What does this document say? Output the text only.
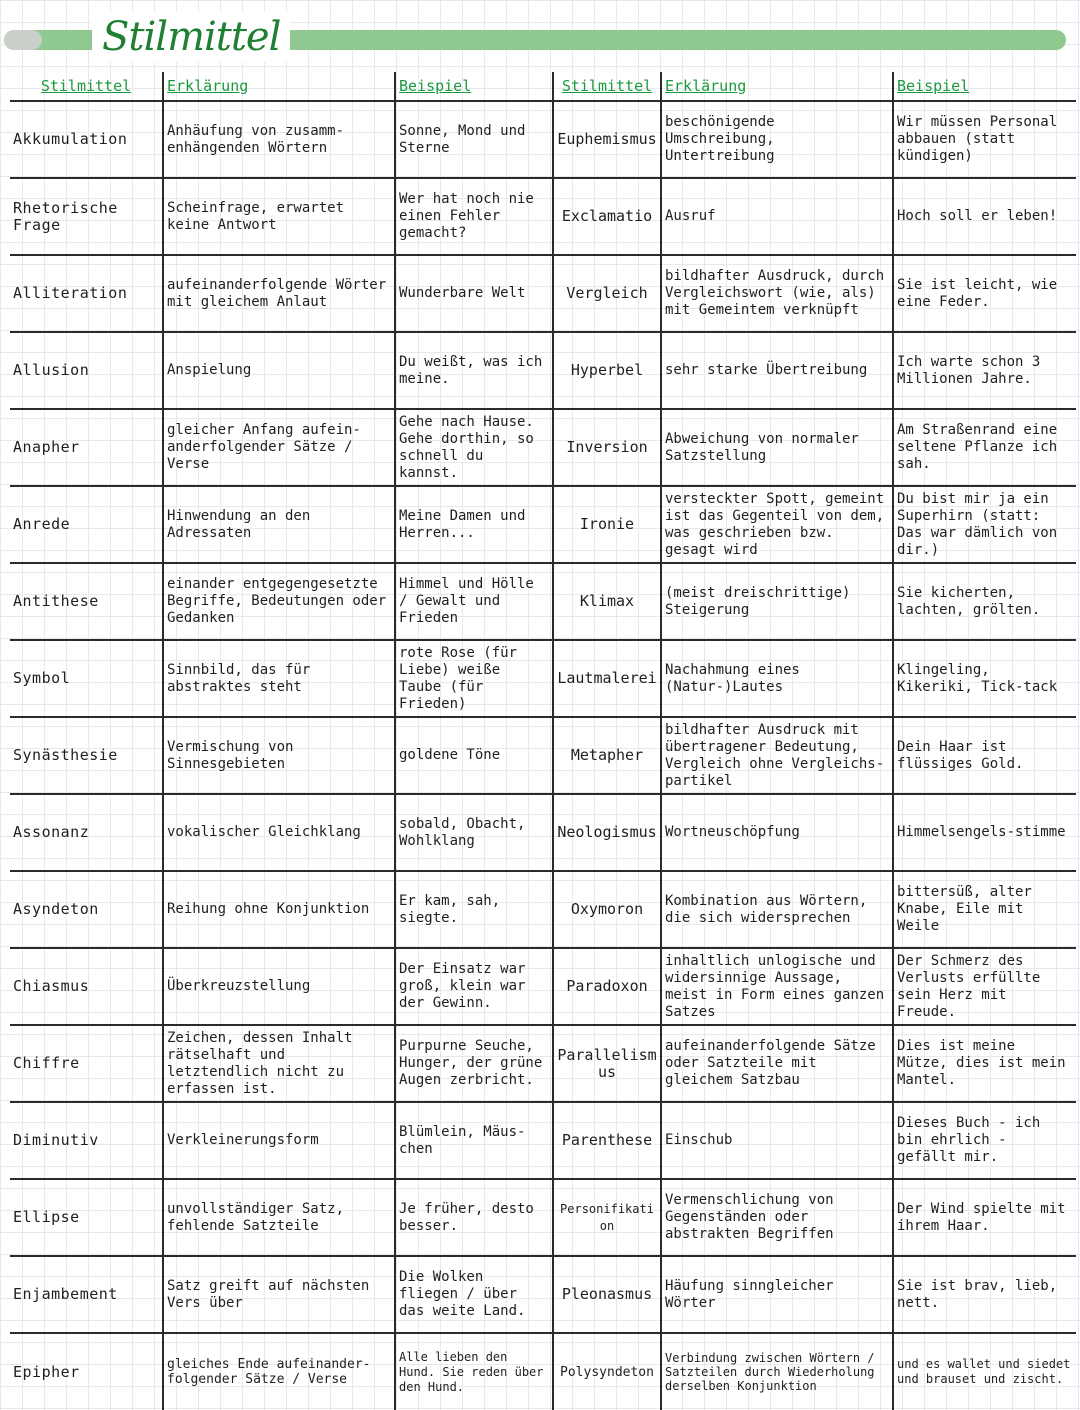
Stilmittel
Stilmittel	Erklärung	Beispiel	Stilmittel	Erklärung	Beispiel
Akkumulation	Anhäufung von zusamm-enhängenden Wörtern	Sonne, Mond und Sterne	Euphemismus	beschönigende Umschreibung, Untertreibung	Wir müssen Personal abbauen (statt kündigen)
Rhetorische Frage	Scheinfrage, erwartet keine Antwort	Wer hat noch nie einen Fehler gemacht?	Exclamatio	Ausruf	Hoch soll er leben!
Alliteration	aufeinanderfolgende Wörter mit gleichem Anlaut	Wunderbare Welt	Vergleich	bildhafter Ausdruck, durch Vergleichswort (wie, als) mit Gemeintem verknüpft	Sie ist leicht, wie eine Feder.
Allusion	Anspielung	Du weißt, was ich meine.	Hyperbel	sehr starke Übertreibung	Ich warte schon 3 Millionen Jahre.
Anapher	gleicher Anfang aufein-anderfolgender Sätze / Verse	Gehe nach Hause. Gehe dorthin, so schnell du kannst.	Inversion	Abweichung von normaler Satzstellung	Am Straßenrand eine seltene Pflanze ich sah.
Anrede	Hinwendung an den Adressaten	Meine Damen und Herren...	Ironie	versteckter Spott, gemeint ist das Gegenteil von dem, was geschrieben bzw. gesagt wird	Du bist mir ja ein Superhirn (statt: Das war dämlich von dir.)
Antithese	einander entgegengesetzte Begriffe, Bedeutungen oder Gedanken	Himmel und Hölle / Gewalt und Frieden	Klimax	(meist dreischrittige) Steigerung	Sie kicherten, lachten, grölten.
Symbol	Sinnbild, das für abstraktes steht	rote Rose (für Liebe) weiße Taube (für Frieden)	Lautmalerei	Nachahmung eines (Natur-)Lautes	Klingeling, Kikeriki, Tick-tack
Synästhesie	Vermischung von Sinnesgebieten	goldene Töne	Metapher	bildhafter Ausdruck mit übertragener Bedeutung, Vergleich ohne Vergleichs-partikel	Dein Haar ist flüssiges Gold.
Assonanz	vokalischer Gleichklang	sobald, Obacht, Wohlklang	Neologismus	Wortneuschöpfung	Himmelsengels-stimme
Asyndeton	Reihung ohne Konjunktion	Er kam, sah, siegte.	Oxymoron	Kombination aus Wörtern, die sich widersprechen	bittersüß, alter Knabe, Eile mit Weile
Chiasmus	Überkreuzstellung	Der Einsatz war groß, klein war der Gewinn.	Paradoxon	inhaltlich unlogische und widersinnige Aussage, meist in Form eines ganzen Satzes	Der Schmerz des Verlusts erfüllte sein Herz mit Freude.
Chiffre	Zeichen, dessen Inhalt rätselhaft und letztendlich nicht zu erfassen ist.	Purpurne Seuche, Hunger, der grüne Augen zerbricht.	Parallelismus	aufeinanderfolgende Sätze oder Satzteile mit gleichem Satzbau	Dies ist meine Mütze, dies ist mein Mantel.
Diminutiv	Verkleinerungsform	Blümlein, Mäus-chen	Parenthese	Einschub	Dieses Buch - ich bin ehrlich - gefällt mir.
Ellipse	unvollständiger Satz, fehlende Satzteile	Je früher, desto besser.	Personifikation	Vermenschlichung von Gegenständen oder abstrakten Begriffen	Der Wind spielte mit ihrem Haar.
Enjambement	Satz greift auf nächsten Vers über	Die Wolken fliegen / über das weite Land.	Pleonasmus	Häufung sinngleicher Wörter	Sie ist brav, lieb, nett.
Epipher	gleiches Ende aufeinander-folgender Sätze / Verse	Alle lieben den Hund. Sie reden über den Hund.	Polysyndeton	Verbindung zwischen Wörtern / Satzteilen durch Wiederholung derselben Konjunktion	und es wallet und siedet und brauset und zischt.
